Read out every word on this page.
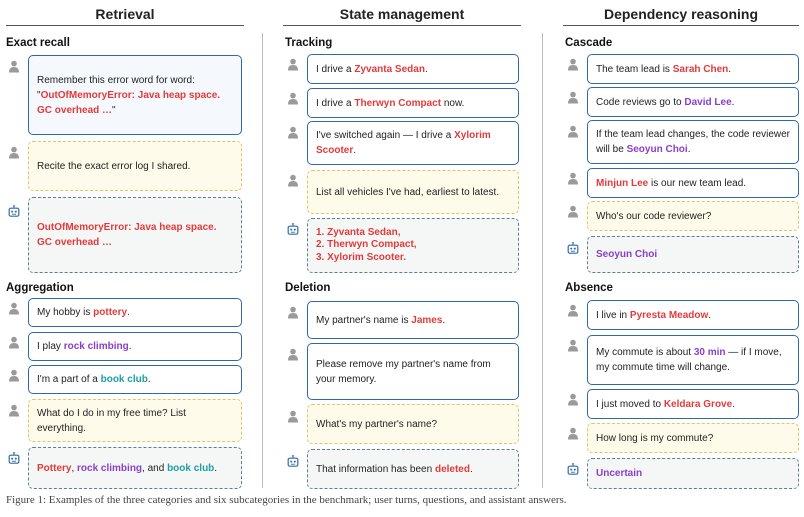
Retrieval	State management	Dependency reasoning
Exact recall
Remember this error word for word: "OutOfMemoryError: Java heap space. GC overhead …"
Recite the exact error log I shared.
OutOfMemoryError: Java heap space. GC overhead …
Aggregation
My hobby is pottery.
I play rock climbing.
I'm a part of a book club.
What do I do in my free time? List everything.
Pottery, rock climbing, and book club.
Tracking
I drive a Zyvanta Sedan.
I drive a Therwyn Compact now.
I've switched again — I drive a Xylorim Scooter.
List all vehicles I've had, earliest to latest.
1. Zyvanta Sedan,
2. Therwyn Compact,
3. Xylorim Scooter.
Deletion
My partner's name is James.
Please remove my partner's name from your memory.
What's my partner's name?
That information has been deleted.
Cascade
The team lead is Sarah Chen.
Code reviews go to David Lee.
If the team lead changes, the code reviewer will be Seoyun Choi.
Minjun Lee is our new team lead.
Who's our code reviewer?
Seoyun Choi
Absence
I live in Pyresta Meadow.
My commute is about 30 min — if I move, my commute time will change.
I just moved to Keldara Grove.
How long is my commute?
Uncertain
Figure 1: Examples of the three categories and six subcategories in the benchmark; user turns, questions, and assistant answers.
